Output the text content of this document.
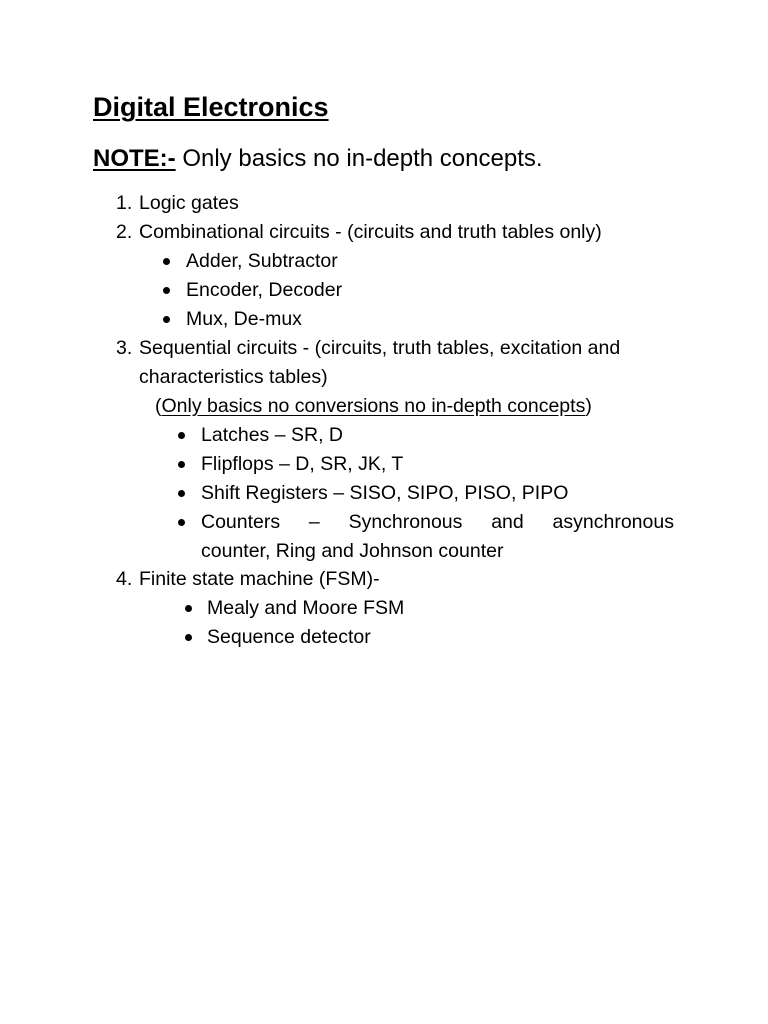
Digital Electronics
NOTE:- Only basics no in-depth concepts.
1. Logic gates
2. Combinational circuits - (circuits and truth tables only)
Adder, Subtractor
Encoder, Decoder
Mux, De-mux
3. Sequential circuits - (circuits, truth tables, excitation and
characteristics tables)
(Only basics no conversions no in-depth concepts)
Latches – SR, D
Flipflops – D, SR, JK, T
Shift Registers – SISO, SIPO, PISO, PIPO
Counters – Synchronous and asynchronous
counter, Ring and Johnson counter
4. Finite state machine (FSM)-
Mealy and Moore FSM
Sequence detector
